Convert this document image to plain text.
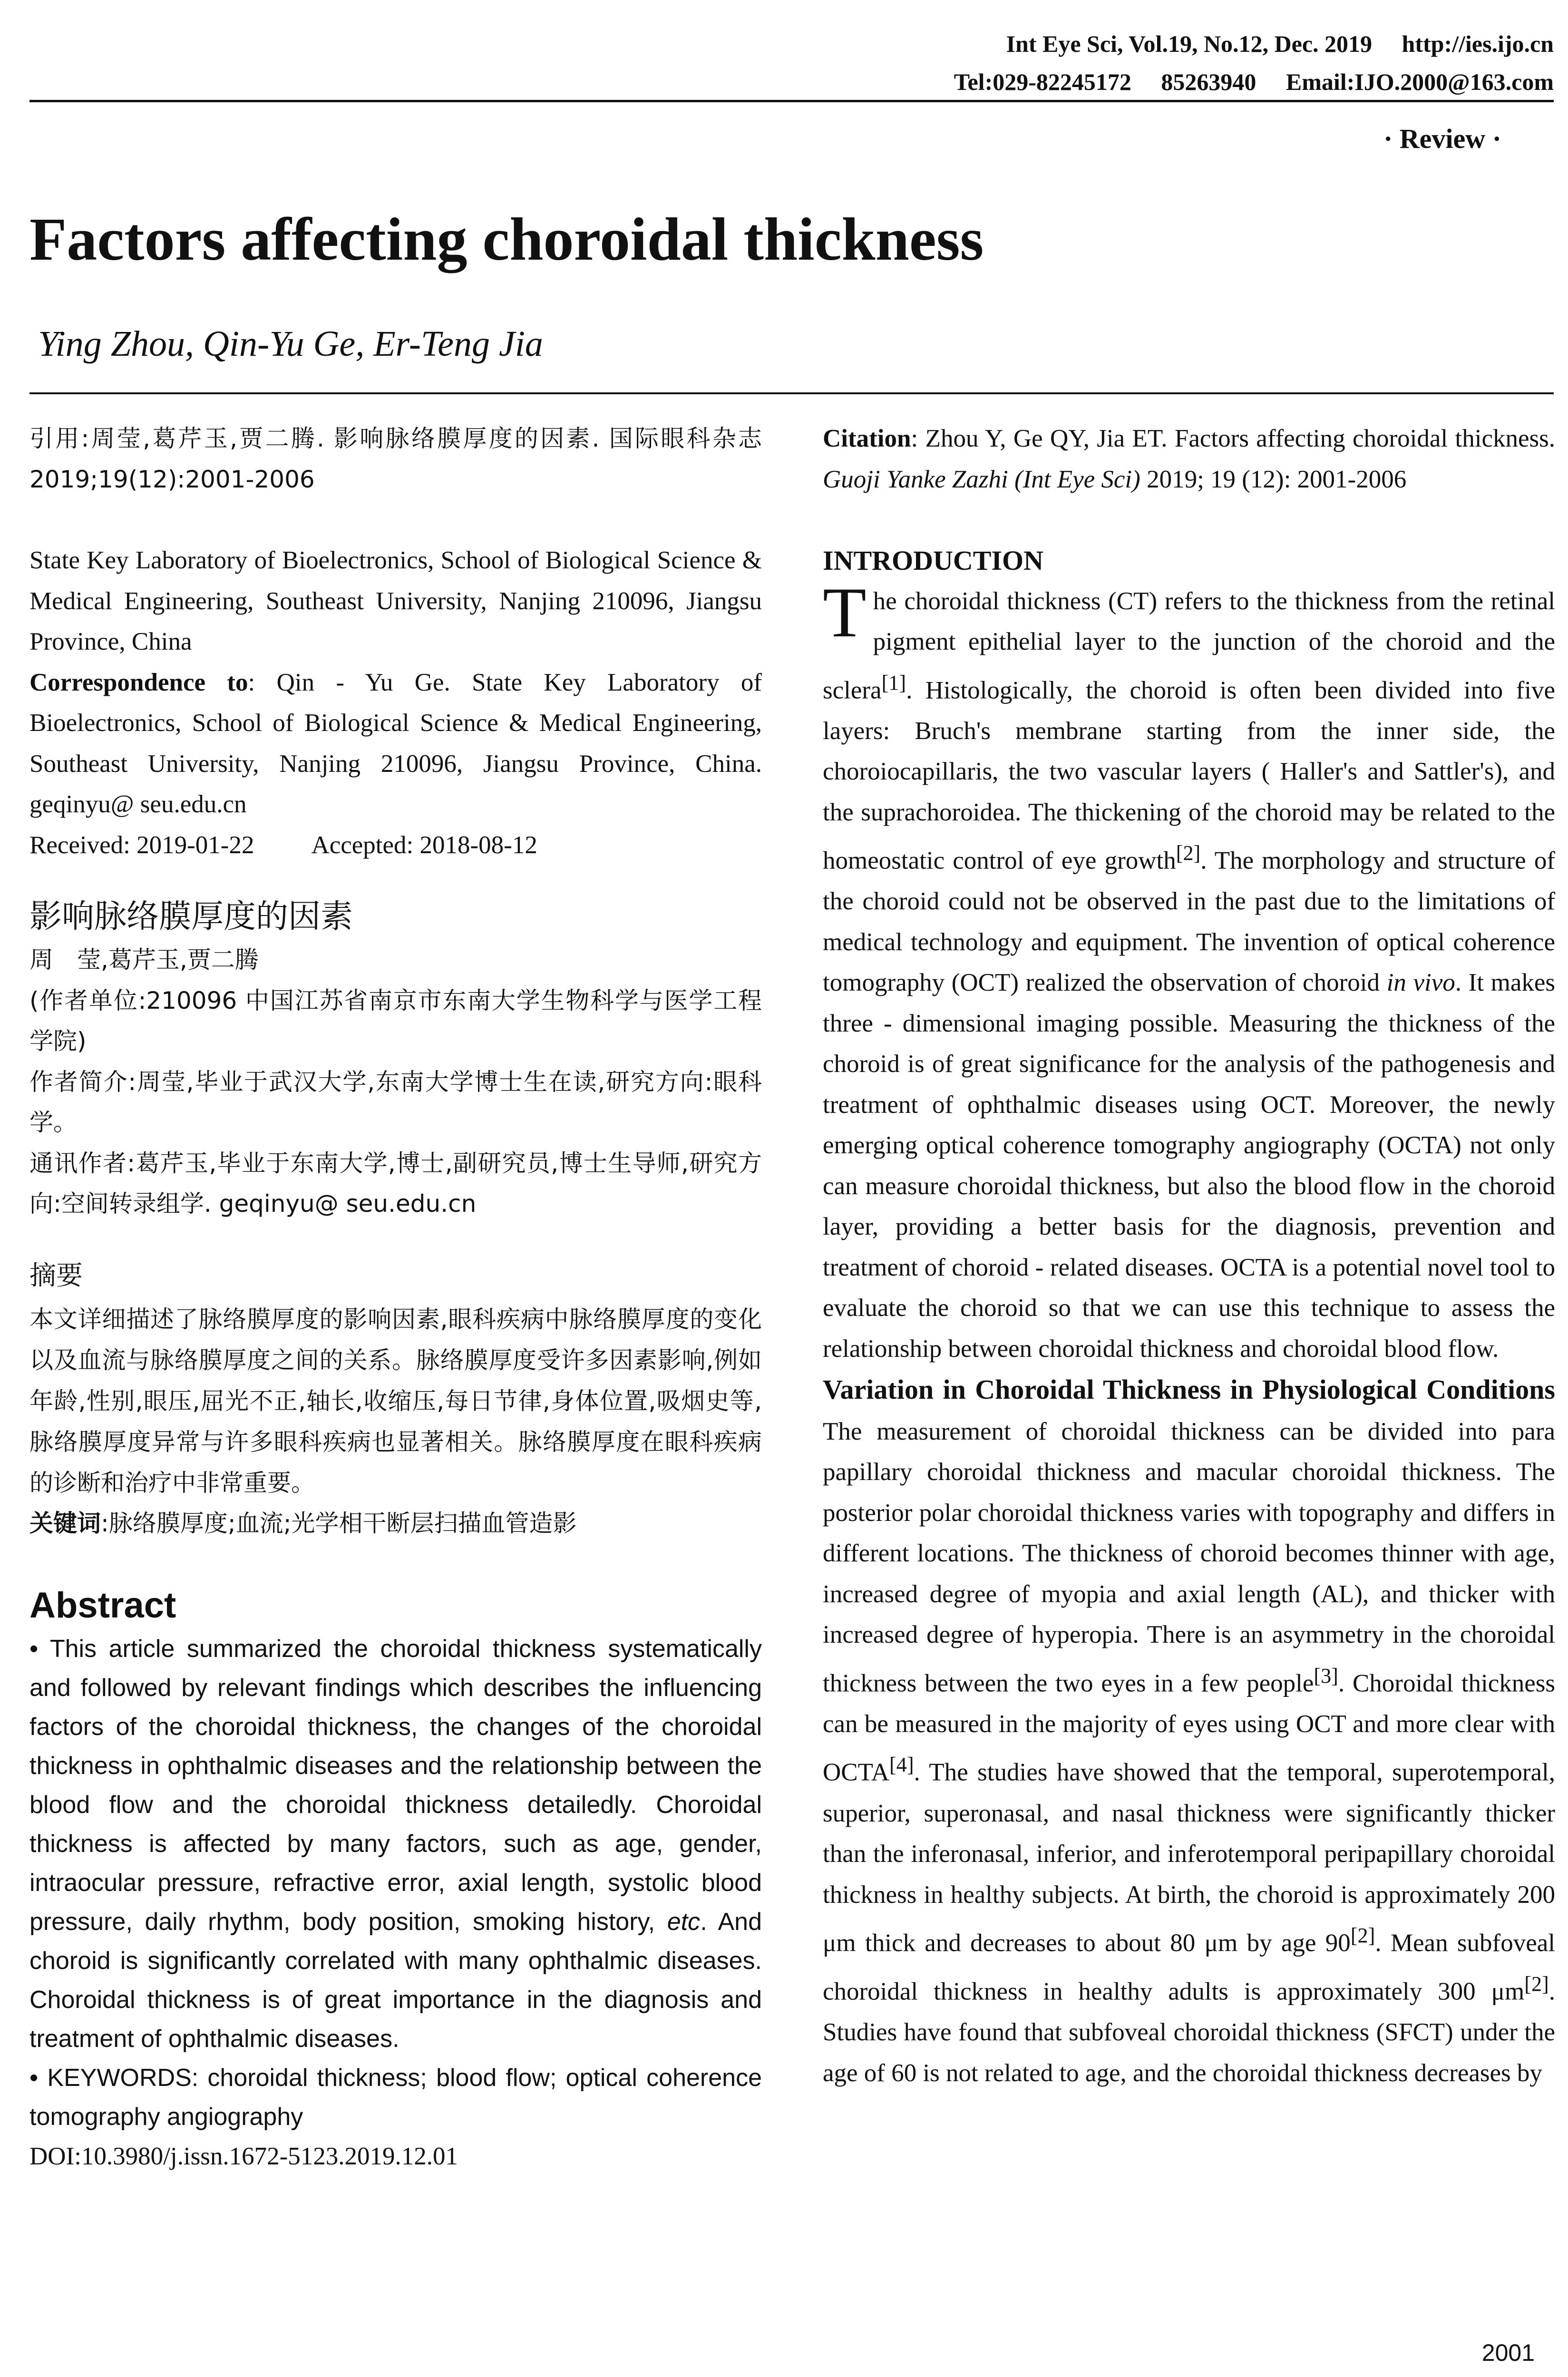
Int Eye Sci, Vol.19, No.12, Dec. 2019     http://ies.ijo.cn
Tel:029-82245172     85263940     Email:IJO.2000@163.com
· Review ·
Factors affecting choroidal thickness
Ying Zhou, Qin-Yu Ge, Er-Teng Jia

引用:周莹,葛芹玉,贾二腾. 影响脉络膜厚度的因素. 国际眼科杂志 2019;19(12):2001-2006

State Key Laboratory of Bioelectronics, School of Biological Science & Medical Engineering, Southeast University, Nanjing 210096, Jiangsu Province, China

Correspondence to: Qin - Yu Ge. State Key Laboratory of Bioelectronics, School of Biological Science & Medical Engineering, Southeast University, Nanjing 210096, Jiangsu Province, China. geqinyu@ seu.edu.cn

Received: 2019-01-22 Accepted: 2018-08-12

影响脉络膜厚度的因素

周　莹,葛芹玉,贾二腾

(作者单位:210096 中国江苏省南京市东南大学生物科学与医学工程学院)

作者简介:周莹,毕业于武汉大学,东南大学博士生在读,研究方向:眼科学。

通讯作者:葛芹玉,毕业于东南大学,博士,副研究员,博士生导师,研究方向:空间转录组学. geqinyu@ seu.edu.cn

摘要

本文详细描述了脉络膜厚度的影响因素,眼科疾病中脉络膜厚度的变化以及血流与脉络膜厚度之间的关系。脉络膜厚度受许多因素影响,例如年龄,性别,眼压,屈光不正,轴长,收缩压,每日节律,身体位置,吸烟史等,脉络膜厚度异常与许多眼科疾病也显著相关。脉络膜厚度在眼科疾病的诊断和治疗中非常重要。

关键词:脉络膜厚度;血流;光学相干断层扫描血管造影

Abstract

• This article summarized the choroidal thickness systematically and followed by relevant findings which describes the influencing factors of the choroidal thickness, the changes of the choroidal thickness in ophthalmic diseases and the relationship between the blood flow and the choroidal thickness detailedly. Choroidal thickness is affected by many factors, such as age, gender, intraocular pressure, refractive error, axial length, systolic blood pressure, daily rhythm, body position, smoking history, etc. And choroid is significantly correlated with many ophthalmic diseases. Choroidal thickness is of great importance in the diagnosis and treatment of ophthalmic diseases.

• KEYWORDS: choroidal thickness; blood flow; optical coherence tomography angiography

DOI:10.3980/j.issn.1672-5123.2019.12.01

Citation: Zhou Y, Ge QY, Jia ET. Factors affecting choroidal thickness. Guoji Yanke Zazhi (Int Eye Sci) 2019; 19 (12): 2001-2006

INTRODUCTION

The choroidal thickness (CT) refers to the thickness from the retinal pigment epithelial layer to the junction of the choroid and the sclera[1]. Histologically, the choroid is often been divided into five layers: Bruch's membrane starting from the inner side, the choroiocapillaris, the two vascular layers ( Haller's and Sattler's), and the suprachoroidea. The thickening of the choroid may be related to the homeostatic control of eye growth[2]. The morphology and structure of the choroid could not be observed in the past due to the limitations of medical technology and equipment. The invention of optical coherence tomography (OCT) realized the observation of choroid in vivo. It makes three - dimensional imaging possible. Measuring the thickness of the choroid is of great significance for the analysis of the pathogenesis and treatment of ophthalmic diseases using OCT. Moreover, the newly emerging optical coherence tomography angiography (OCTA) not only can measure choroidal thickness, but also the blood flow in the choroid layer, providing a better basis for the diagnosis, prevention and treatment of choroid - related diseases. OCTA is a potential novel tool to evaluate the choroid so that we can use this technique to assess the relationship between choroidal thickness and choroidal blood flow.

Variation in Choroidal Thickness in Physiological Conditions The measurement of choroidal thickness can be divided into para papillary choroidal thickness and macular choroidal thickness. The posterior polar choroidal thickness varies with topography and differs in different locations. The thickness of choroid becomes thinner with age, increased degree of myopia and axial length (AL), and thicker with increased degree of hyperopia. There is an asymmetry in the choroidal thickness between the two eyes in a few people[3]. Choroidal thickness can be measured in the majority of eyes using OCT and more clear with OCTA[4]. The studies have showed that the temporal, superotemporal, superior, superonasal, and nasal thickness were significantly thicker than the inferonasal, inferior, and inferotemporal peripapillary choroidal thickness in healthy subjects. At birth, the choroid is approximately 200 μm thick and decreases to about 80 μm by age 90[2]. Mean subfoveal choroidal thickness in healthy adults is approximately 300 μm[2]. Studies have found that subfoveal choroidal thickness (SFCT) under the age of 60 is not related to age, and the choroidal thickness decreases by

2001
